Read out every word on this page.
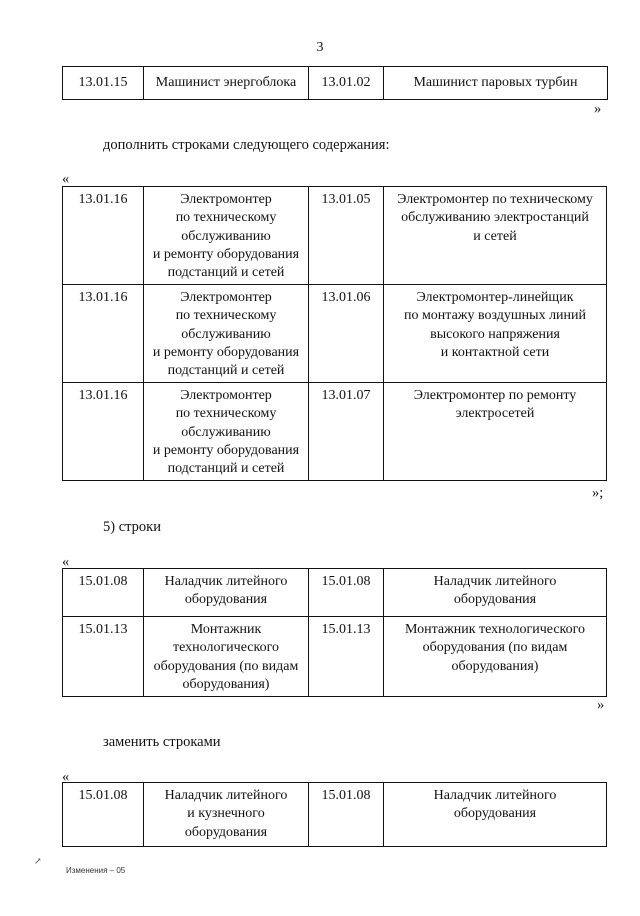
3
13.01.15	Машинист энергоблока	13.01.02	Машинист паровых турбин
»
дополнить строками следующего содержания:
«
13.01.16	Электромонтер
по техническому
обслуживанию
и ремонту оборудования
подстанций и сетей	13.01.05	Электромонтер по техническому
обслуживанию электростанций
и сетей
13.01.16	Электромонтер
по техническому
обслуживанию
и ремонту оборудования
подстанций и сетей	13.01.06	Электромонтер-линейщик
по монтажу воздушных линий
высокого напряжения
и контактной сети
13.01.16	Электромонтер
по техническому
обслуживанию
и ремонту оборудования
подстанций и сетей	13.01.07	Электромонтер по ремонту
электросетей
»;
5) строки
«
15.01.08	Наладчик литейного
оборудования	15.01.08	Наладчик литейного
оборудования
15.01.13	Монтажник
технологического
оборудования (по видам
оборудования)	15.01.13	Монтажник технологического
оборудования (по видам
оборудования)
»
заменить строками
«
15.01.08	Наладчик литейного
и кузнечного
оборудования	15.01.08	Наладчик литейного
оборудования
↗
Изменения – 05
